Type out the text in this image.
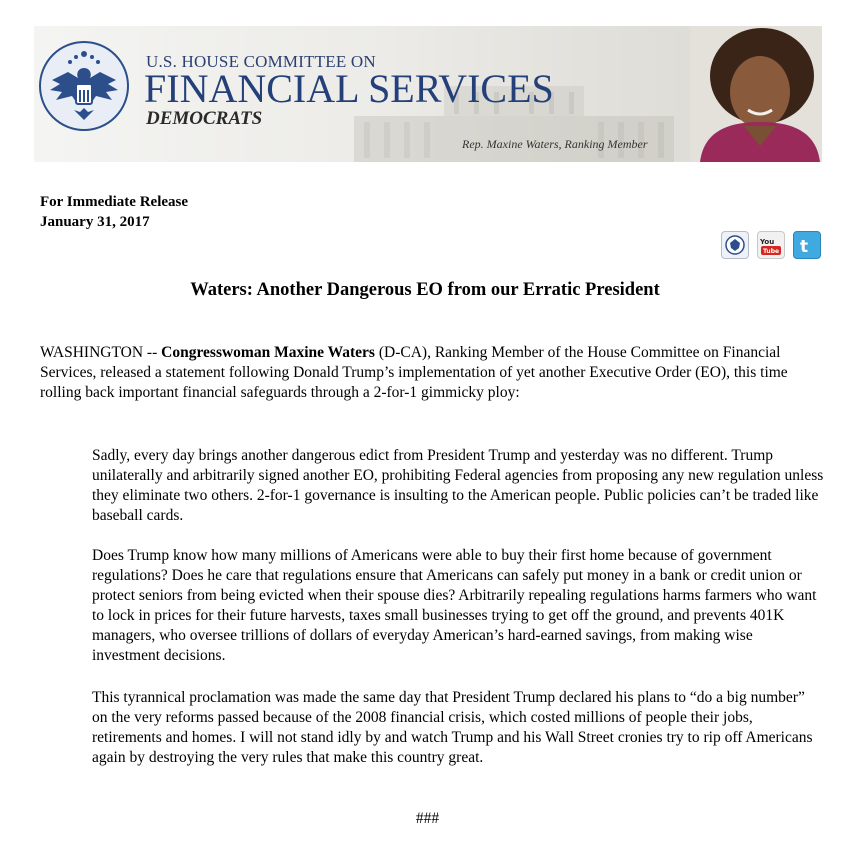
U.S. HOUSE COMMITTEE ON
FINANCIAL SERVICES
DEMOCRATS
Rep. Maxine Waters, Ranking Member
For Immediate Release
January 31, 2017
You
Tube t
Waters: Another Dangerous EO from our Erratic President
WASHINGTON -- Congresswoman Maxine Waters (D-CA), Ranking Member of the House Committee on Financial Services, released a statement following Donald Trump’s implementation of yet another Executive Order (EO), this time rolling back important financial safeguards through a 2-for-1 gimmicky ploy:
Sadly, every day brings another dangerous edict from President Trump and yesterday was no different. Trump unilaterally and arbitrarily signed another EO, prohibiting Federal agencies from proposing any new regulation unless they eliminate two others. 2-for-1 governance is insulting to the American people. Public policies can’t be traded like baseball cards.
Does Trump know how many millions of Americans were able to buy their first home because of government regulations? Does he care that regulations ensure that Americans can safely put money in a bank or credit union or protect seniors from being evicted when their spouse dies? Arbitrarily repealing regulations harms farmers who want to lock in prices for their future harvests, taxes small businesses trying to get off the ground, and prevents 401K managers, who oversee trillions of dollars of everyday American’s hard-earned savings, from making wise investment decisions.
This tyrannical proclamation was made the same day that President Trump declared his plans to “do a big number” on the very reforms passed because of the 2008 financial crisis, which costed millions of people their jobs, retirements and homes. I will not stand idly by and watch Trump and his Wall Street cronies try to rip off Americans again by destroying the very rules that make this country great.
###
